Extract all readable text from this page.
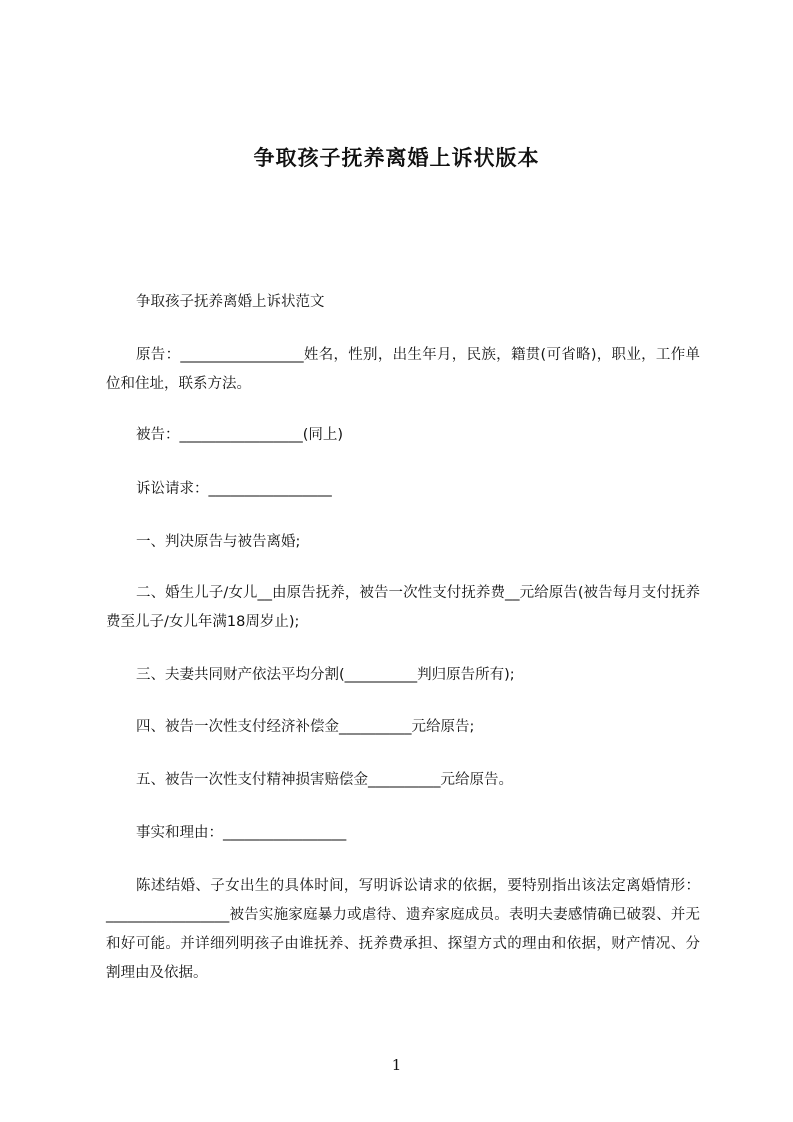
争取孩子抚养离婚上诉状版本

争取孩子抚养离婚上诉状范文

原告：_________________姓名，性别，出生年月，民族，籍贯(可省略)，职业，工作单位和住址，联系方法。

被告：_________________(同上)

诉讼请求：_________________

一、判决原告与被告离婚;

二、婚生儿子/女儿__由原告抚养，被告一次性支付抚养费__元给原告(被告每月支付抚养费至儿子/女儿年满18周岁止);

三、夫妻共同财产依法平均分割(__________判归原告所有);

四、被告一次性支付经济补偿金__________元给原告;

五、被告一次性支付精神损害赔偿金__________元给原告。

事实和理由：_________________

陈述结婚、子女出生的具体时间，写明诉讼请求的依据，要特别指出该法定离婚情形：_________________被告实施家庭暴力或虐待、遗弃家庭成员。表明夫妻感情确已破裂、并无和好可能。并详细列明孩子由谁抚养、抚养费承担、探望方式的理由和依据，财产情况、分割理由及依据。

1
